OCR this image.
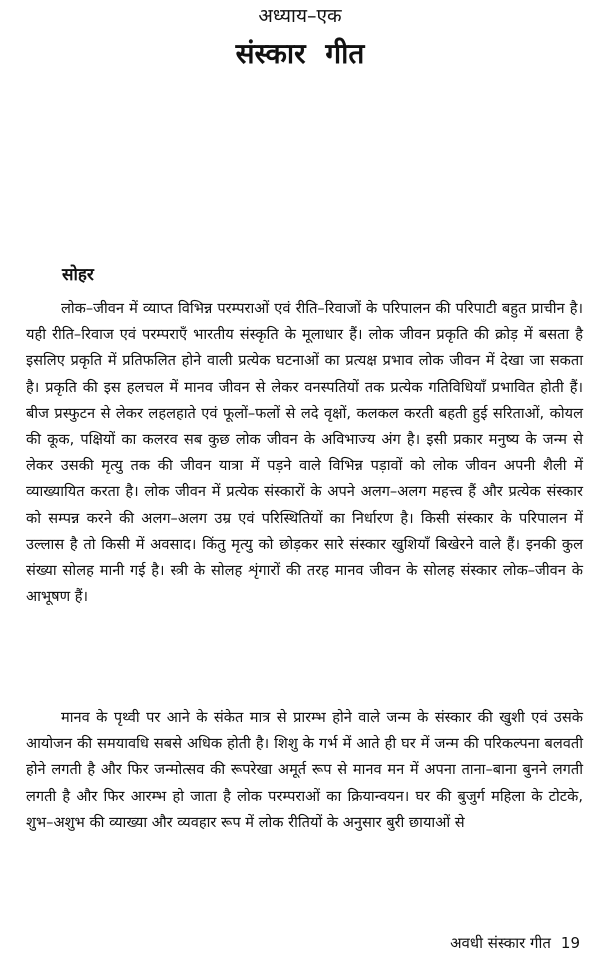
अध्याय–एक
संस्कार गीत
सोहर

लोक–जीवन में व्याप्त विभिन्न परम्पराओं एवं रीति–रिवाजों के परिपालन की परिपाटी बहुत प्राचीन है। यही रीति–रिवाज एवं परम्पराएँ भारतीय संस्कृति के मूलाधार हैं। लोक जीवन प्रकृति की क्रोड़ में बसता है इसलिए प्रकृति में प्रतिफलित होने वाली प्रत्येक घटनाओं का प्रत्यक्ष प्रभाव लोक जीवन में देखा जा सकता है। प्रकृति की इस हलचल में मानव जीवन से लेकर वनस्पतियों तक प्रत्येक गतिविधियाँ प्रभावित होती हैं। बीज प्रस्फुटन से लेकर लहलहाते एवं फूलों–फलों से लदे वृक्षों, कलकल करती बहती हुई सरिताओं, कोयल की कूक, पक्षियों का कलरव सब कुछ लोक जीवन के अविभाज्य अंग है। इसी प्रकार मनुष्य के जन्म से लेकर उसकी मृत्यु तक की जीवन यात्रा में पड़ने वाले विभिन्न पड़ावों को लोक जीवन अपनी शैली में व्याख्यायित करता है। लोक जीवन में प्रत्येक संस्कारों के अपने अलग–अलग महत्त्व हैं और प्रत्येक संस्कार को सम्पन्न करने की अलग–अलग उम्र एवं परिस्थितियों का निर्धारण है। किसी संस्कार के परिपालन में उल्लास है तो किसी में अवसाद। किंतु मृत्यु को छोड़कर सारे संस्कार खुशियाँ बिखेरने वाले हैं। इनकी कुल संख्या सोलह मानी गई है। स्त्री के सोलह शृंगारों की तरह मानव जीवन के सोलह संस्कार लोक–जीवन के आभूषण हैं।

मानव के पृथ्वी पर आने के संकेत मात्र से प्रारम्भ होने वाले जन्म के संस्कार की खुशी एवं उसके आयोजन की समयावधि सबसे अधिक होती है। शिशु के गर्भ में आते ही घर में जन्म की परिकल्पना बलवती होने लगती है और फिर जन्मोत्सव की रूपरेखा अमूर्त रूप से मानव मन में अपना ताना–बाना बुनने लगती लगती है और फिर आरम्भ हो जाता है लोक परम्पराओं का क्रियान्वयन। घर की बुजुर्ग महिला के टोटके, शुभ–अशुभ की व्याख्या और व्यवहार रूप में लोक रीतियों के अनुसार बुरी छायाओं से

अवधी संस्कार गीत 19
